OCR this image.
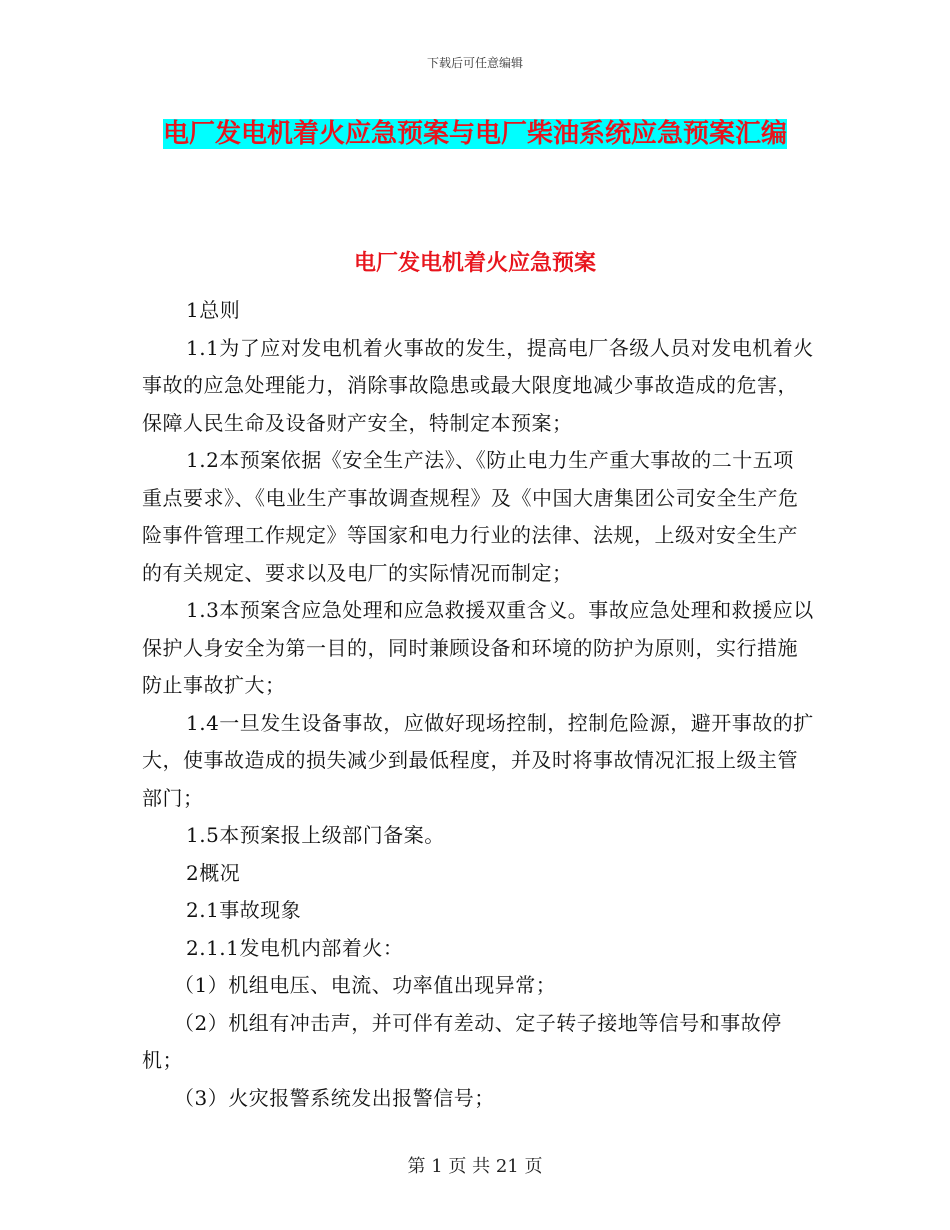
下载后可任意编辑
电厂发电机着火应急预案与电厂柴油系统应急预案汇编
电厂发电机着火应急预案

1总则

1.1为了应对发电机着火事故的发生，提高电厂各级人员对发电机着火事故的应急处理能力，消除事故隐患或最大限度地减少事故造成的危害，保障人民生命及设备财产安全，特制定本预案；

1.2本预案依据《安全生产法》、《防止电力生产重大事故的二十五项重点要求》、《电业生产事故调查规程》及《中国大唐集团公司安全生产危险事件管理工作规定》等国家和电力行业的法律、法规，上级对安全生产的有关规定、要求以及电厂的实际情况而制定；

1.3本预案含应急处理和应急救援双重含义。事故应急处理和救援应以保护人身安全为第一目的，同时兼顾设备和环境的防护为原则，实行措施防止事故扩大；

1.4一旦发生设备事故，应做好现场控制，控制危险源，避开事故的扩大，使事故造成的损失减少到最低程度，并及时将事故情况汇报上级主管部门；

1.5本预案报上级部门备案。

2概况

2.1事故现象

2.1.1发电机内部着火：

（1）机组电压、电流、功率值出现异常；

（2）机组有冲击声，并可伴有差动、定子转子接地等信号和事故停机；

（3）火灾报警系统发出报警信号；

第 1 页 共 21 页
